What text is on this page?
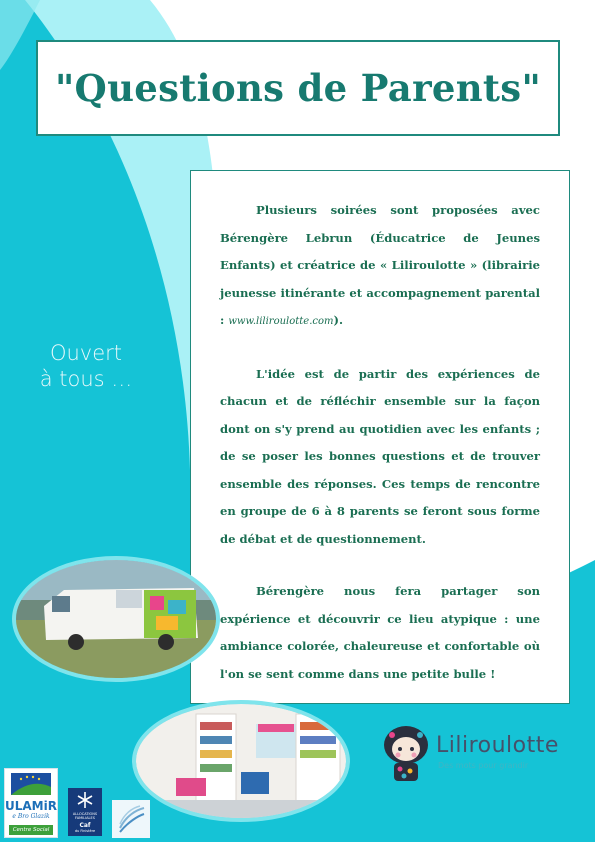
"Questions de Parents"
Ouvert
à tous …

Plusieurs soirées sont proposées avec Bérengère Lebrun (Éducatrice de Jeunes Enfants) et créatrice de « Liliroulotte » (librairie jeunesse itinérante et accompagnement parental : www.liliroulotte.com).

L'idée est de partir des expériences de chacun et de réfléchir ensemble sur la façon dont on s'y prend au quotidien avec les enfants ; de se poser les bonnes questions et de trouver ensemble des réponses. Ces temps de rencontre en groupe de 6 à 8 parents se feront sous forme de débat et de questionnement.

Bérengère nous fera partager son expérience et découvrir ce lieu atypique : une ambiance colorée, chaleureuse et confortable où l'on se sent comme dans une petite bulle !

Liliroulotte
Des mots pour grandir
ULAMiR
e Bro Glazik
Centre Social
ALLOCATIONS FAMILIALES
Caf
du Finistère
